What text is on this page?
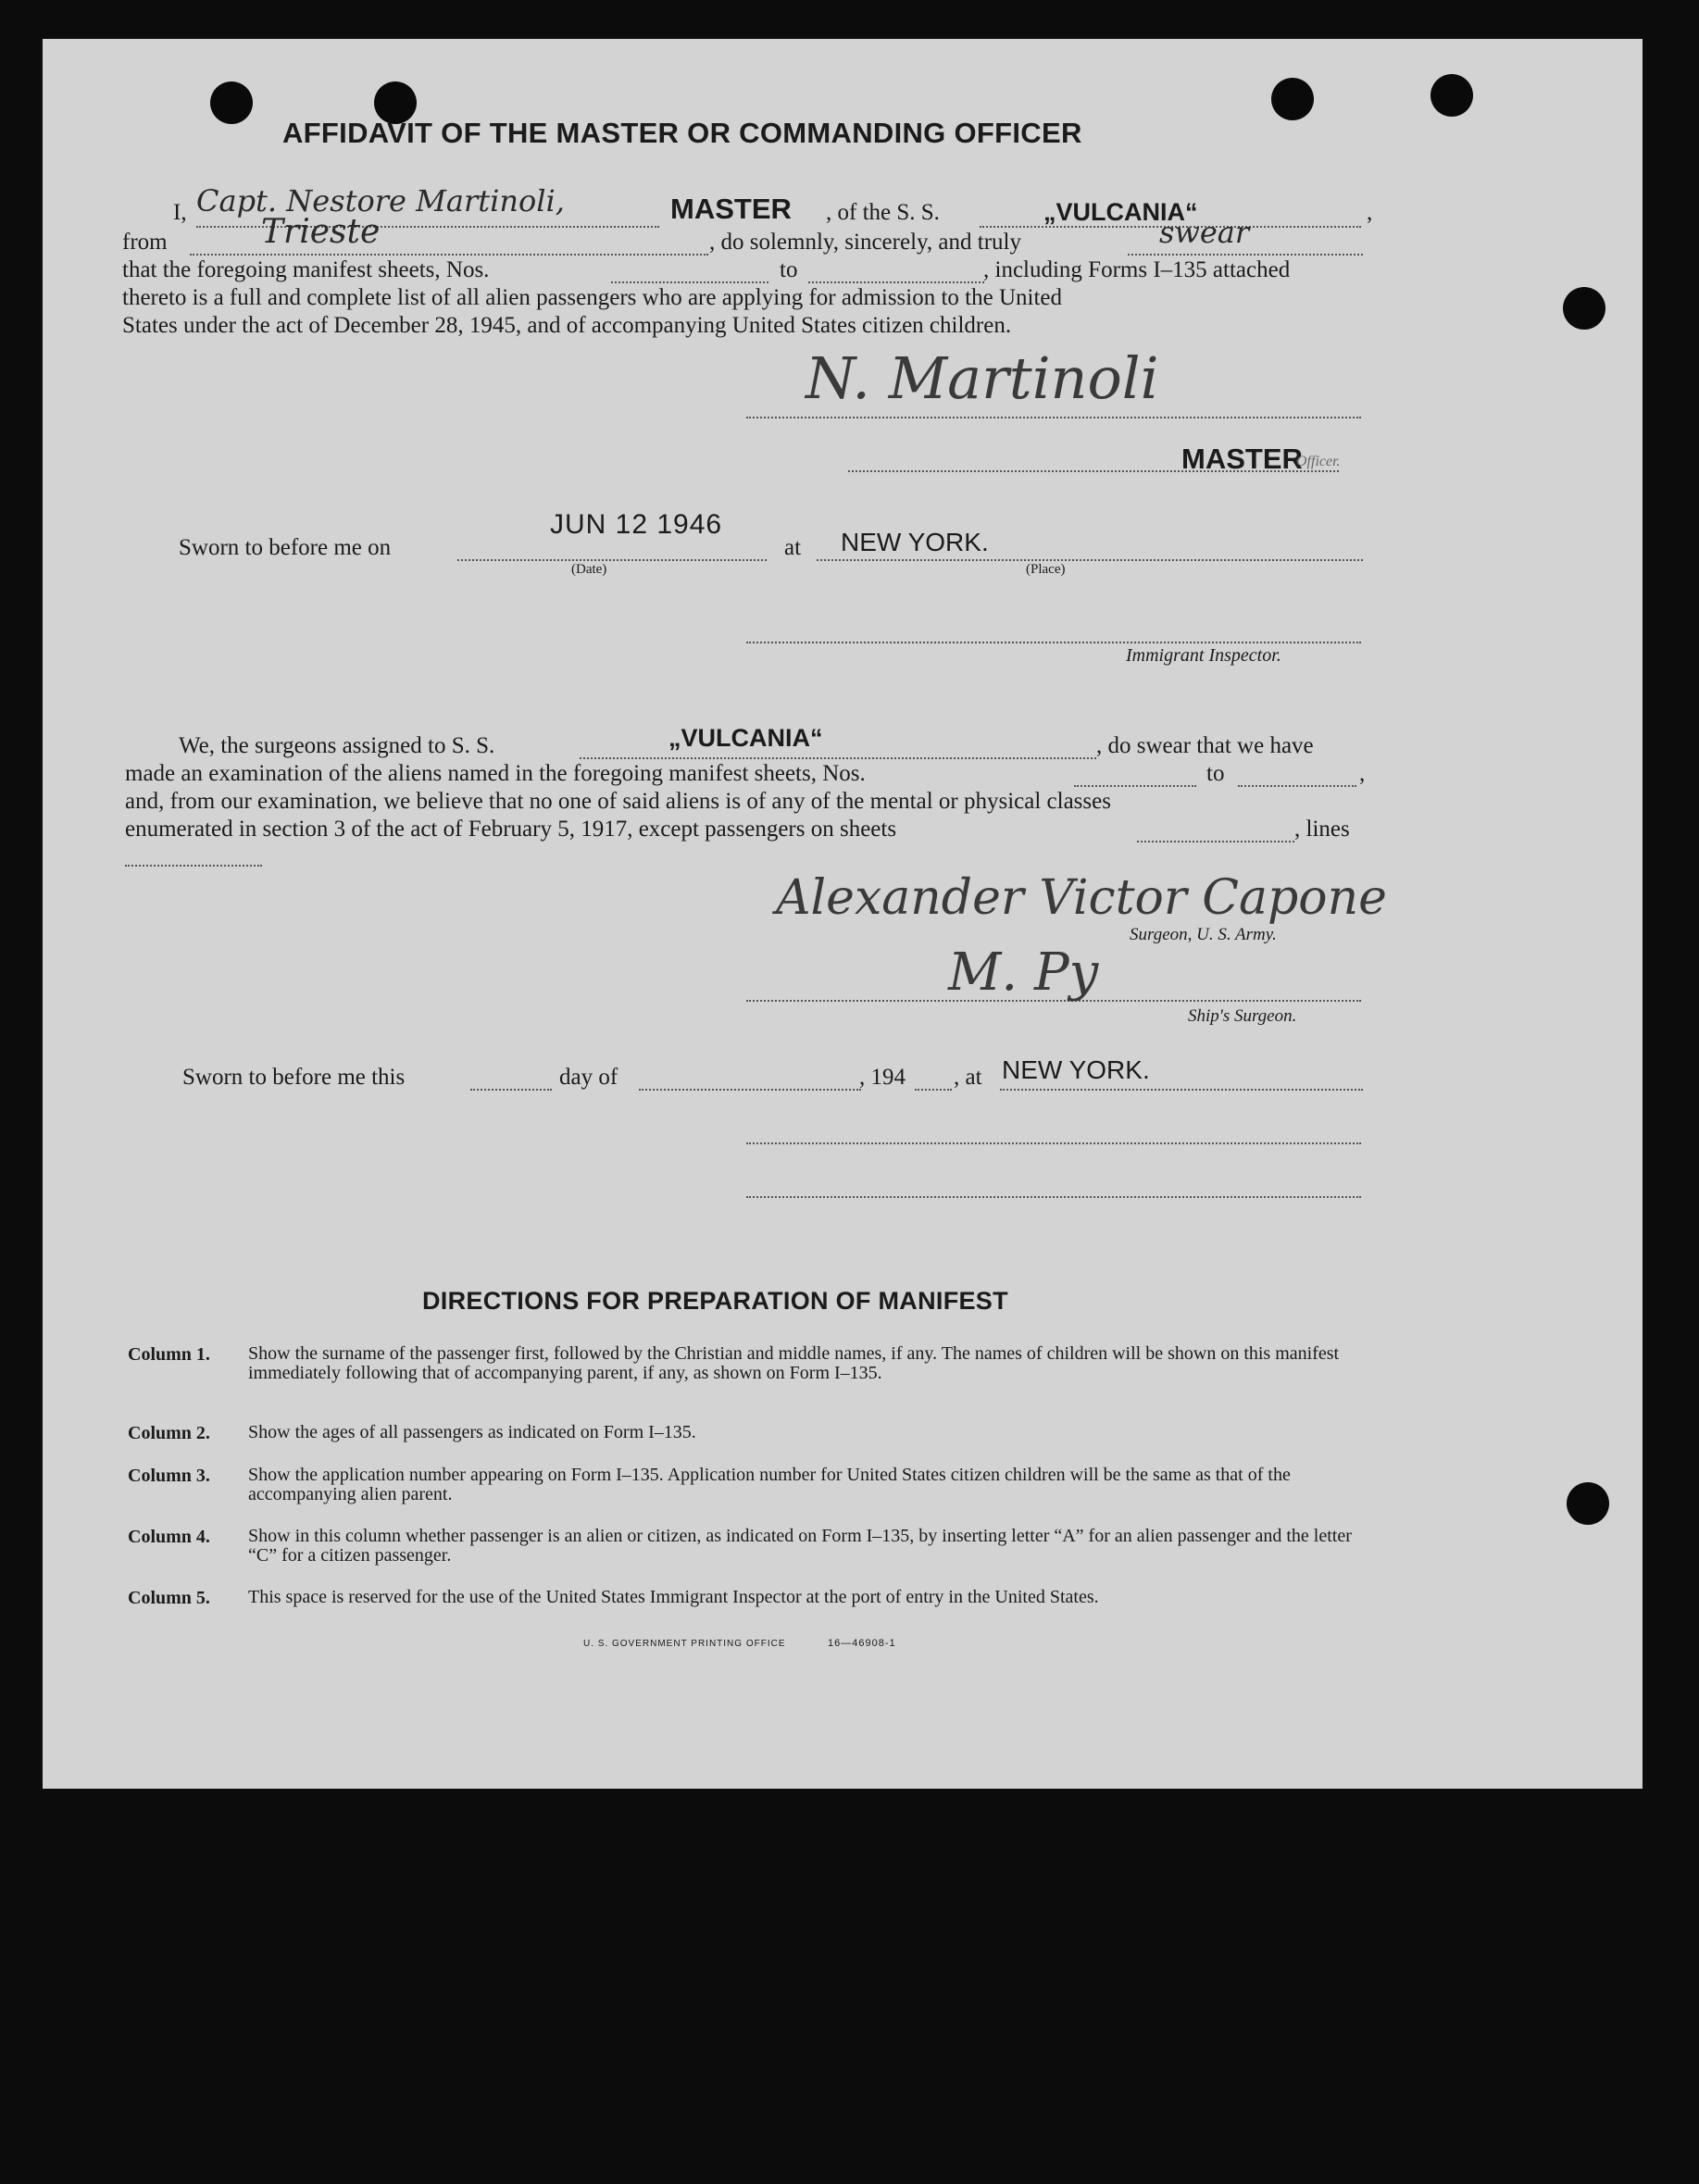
AFFIDAVIT OF THE MASTER OR COMMANDING OFFICER
I, Capt. Nestore Martinoli,	MASTER , of the S. S.	„VULCANIA“	,
from	Trieste	, do solemnly, sincerely, and truly	swear
that the foregoing manifest sheets, Nos.	to	, including Forms I–135 attached
thereto is a full and complete list of all alien passengers who are applying for admission to the United
States under the act of December 28, 1945, and of accompanying United States citizen children.
N. Martinoli
MASTER
Officer.
Sworn to before me on
JUN 12 1946
(Date)
at NEW YORK.
(Place)
Immigrant Inspector.
We, the surgeons assigned to S. S.	„VULCANIA“	, do swear that we have
made an examination of the aliens named in the foregoing manifest sheets, Nos.	to	,
and, from our examination, we believe that no one of said aliens is of any of the mental or physical classes
enumerated in section 3 of the act of February 5, 1917, except passengers on sheets	, lines
Alexander Victor Capone
Surgeon, U. S. Army.
M. Py
Ship's Surgeon.
Sworn to before me this	day of	, 194 , at NEW YORK.
DIRECTIONS FOR PREPARATION OF MANIFEST
Column 1. Show the surname of the passenger first, followed by the Christian and middle names, if any. The names of children will be shown on this manifest immediately following that of accompanying parent, if any, as shown on Form I–135.
Column 2. Show the ages of all passengers as indicated on Form I–135.
Column 3. Show the application number appearing on Form I–135. Application number for United States citizen children will be the same as that of the accompanying alien parent.
Column 4. Show in this column whether passenger is an alien or citizen, as indicated on Form I–135, by inserting letter “A” for an alien passenger and the letter “C” for a citizen passenger.
Column 5. This space is reserved for the use of the United States Immigrant Inspector at the port of entry in the United States.
U. S. GOVERNMENT PRINTING OFFICE	16—46908-1
